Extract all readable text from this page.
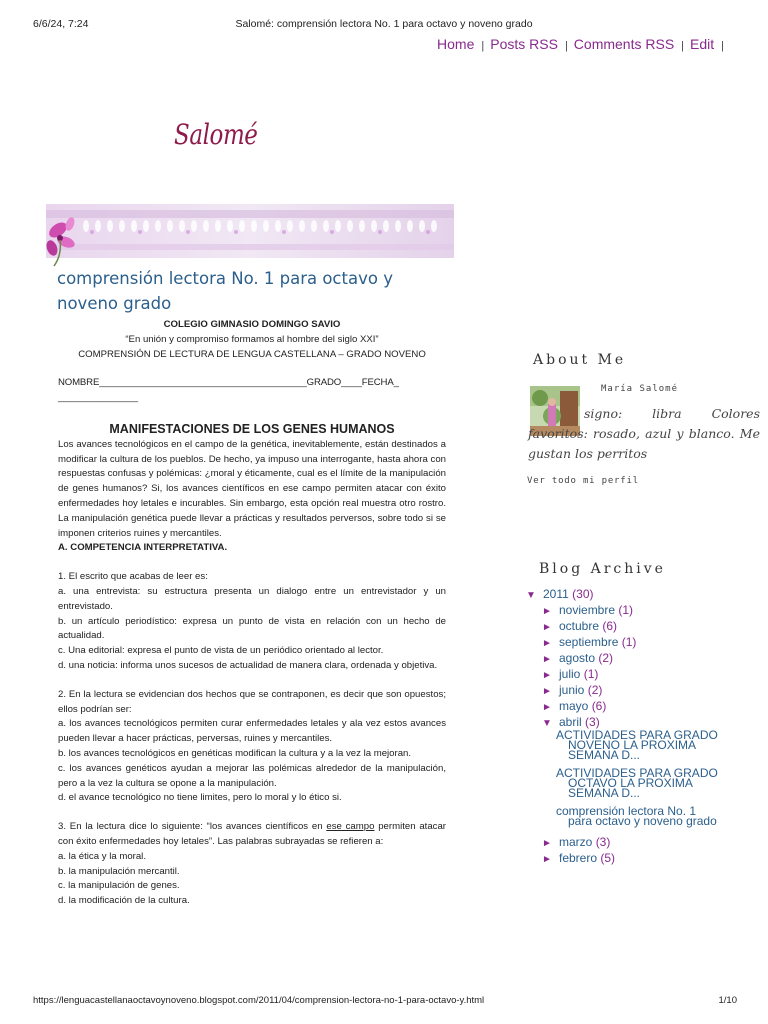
6/6/24, 7:24	Salomé: comprensión lectora No. 1 para octavo y noveno grado
Home | Posts RSS | Comments RSS | Edit |
Salomé
comprensión lectora No. 1 para octavo y noveno grado

COLEGIO GIMNASIO DOMINGO SAVIO

“En unión y compromiso formamos al hombre del siglo XXI”

COMPRENSIÓN DE LECTURA DE LENGUA CASTELLANA – GRADO NOVENO

NOMBRE________________________________________GRADO____FECHA_

_______________

MANIFESTACIONES DE LOS GENES HUMANOS

Los avances tecnológicos en el campo de la genética, inevitablemente, están destinados a modificar la cultura de los pueblos. De hecho, ya impuso una interrogante, hasta ahora con respuestas confusas y polémicas: ¿moral y éticamente, cual es el límite de la manipulación de genes humanos? Si, los avances científicos en ese campo permiten atacar con éxito enfermedades hoy letales e incurables. Sin embargo, esta opción real muestra otro rostro. La manipulación genética puede llevar a prácticas y resultados perversos, sobre todo si se imponen criterios ruines y mercantiles.

A. COMPETENCIA INTERPRETATIVA.

1. El escrito que acabas de leer es:

a. una entrevista: su estructura presenta un dialogo entre un entrevistador y un entrevistado.

b. un artículo periodístico: expresa un punto de vista en relación con un hecho de actualidad.

c. Una editorial: expresa el punto de vista de un periódico orientado al lector.

d. una noticia: informa unos sucesos de actualidad de manera clara, ordenada y objetiva.

2. En la lectura se evidencian dos hechos que se contraponen, es decir que son opuestos; ellos podrían ser:

a. los avances tecnológicos permiten curar enfermedades letales y ala vez estos avances pueden llevar a hacer prácticas, perversas, ruines y mercantiles.

b. los avances tecnológicos en genéticas modifican la cultura y a la vez la mejoran.

c. los avances genéticos ayudan a mejorar las polémicas alrededor de la manipulación, pero a la vez la cultura se opone a la manipulación.

d. el avance tecnológico no tiene limites, pero lo moral y lo ético si.

3. En la lectura dice lo siguiente: “los avances científicos en ese campo permiten atacar con éxito enfermedades hoy letales”. Las palabras subrayadas se refieren a:

a. la ética y la moral.

b. la manipulación mercantil.

c. la manipulación de genes.

d. la modificación de la cultura.

About Me
María Salomé
signo: libra Colores favoritos: rosado, azul y blanco. Me gustan los perritos
Ver todo mi perfil
Blog Archive
▼ 2011 (30)
► noviembre (1)
► octubre (6)
► septiembre (1)
► agosto (2)
► julio (1)
► junio (2)
► mayo (6)
▼ abril (3)
ACTIVIDADES PARA GRADO
NOVENO LA PROXIMA
SEMANA D...
ACTIVIDADES PARA GRADO
OCTAVO LA PROXIMA
SEMANA D...
comprensión lectora No. 1
para octavo y noveno grado
► marzo (3)
► febrero (5)
https://lenguacastellanaoctavoynoveno.blogspot.com/2011/04/comprension-lectora-no-1-para-octavo-y.html	1/10
